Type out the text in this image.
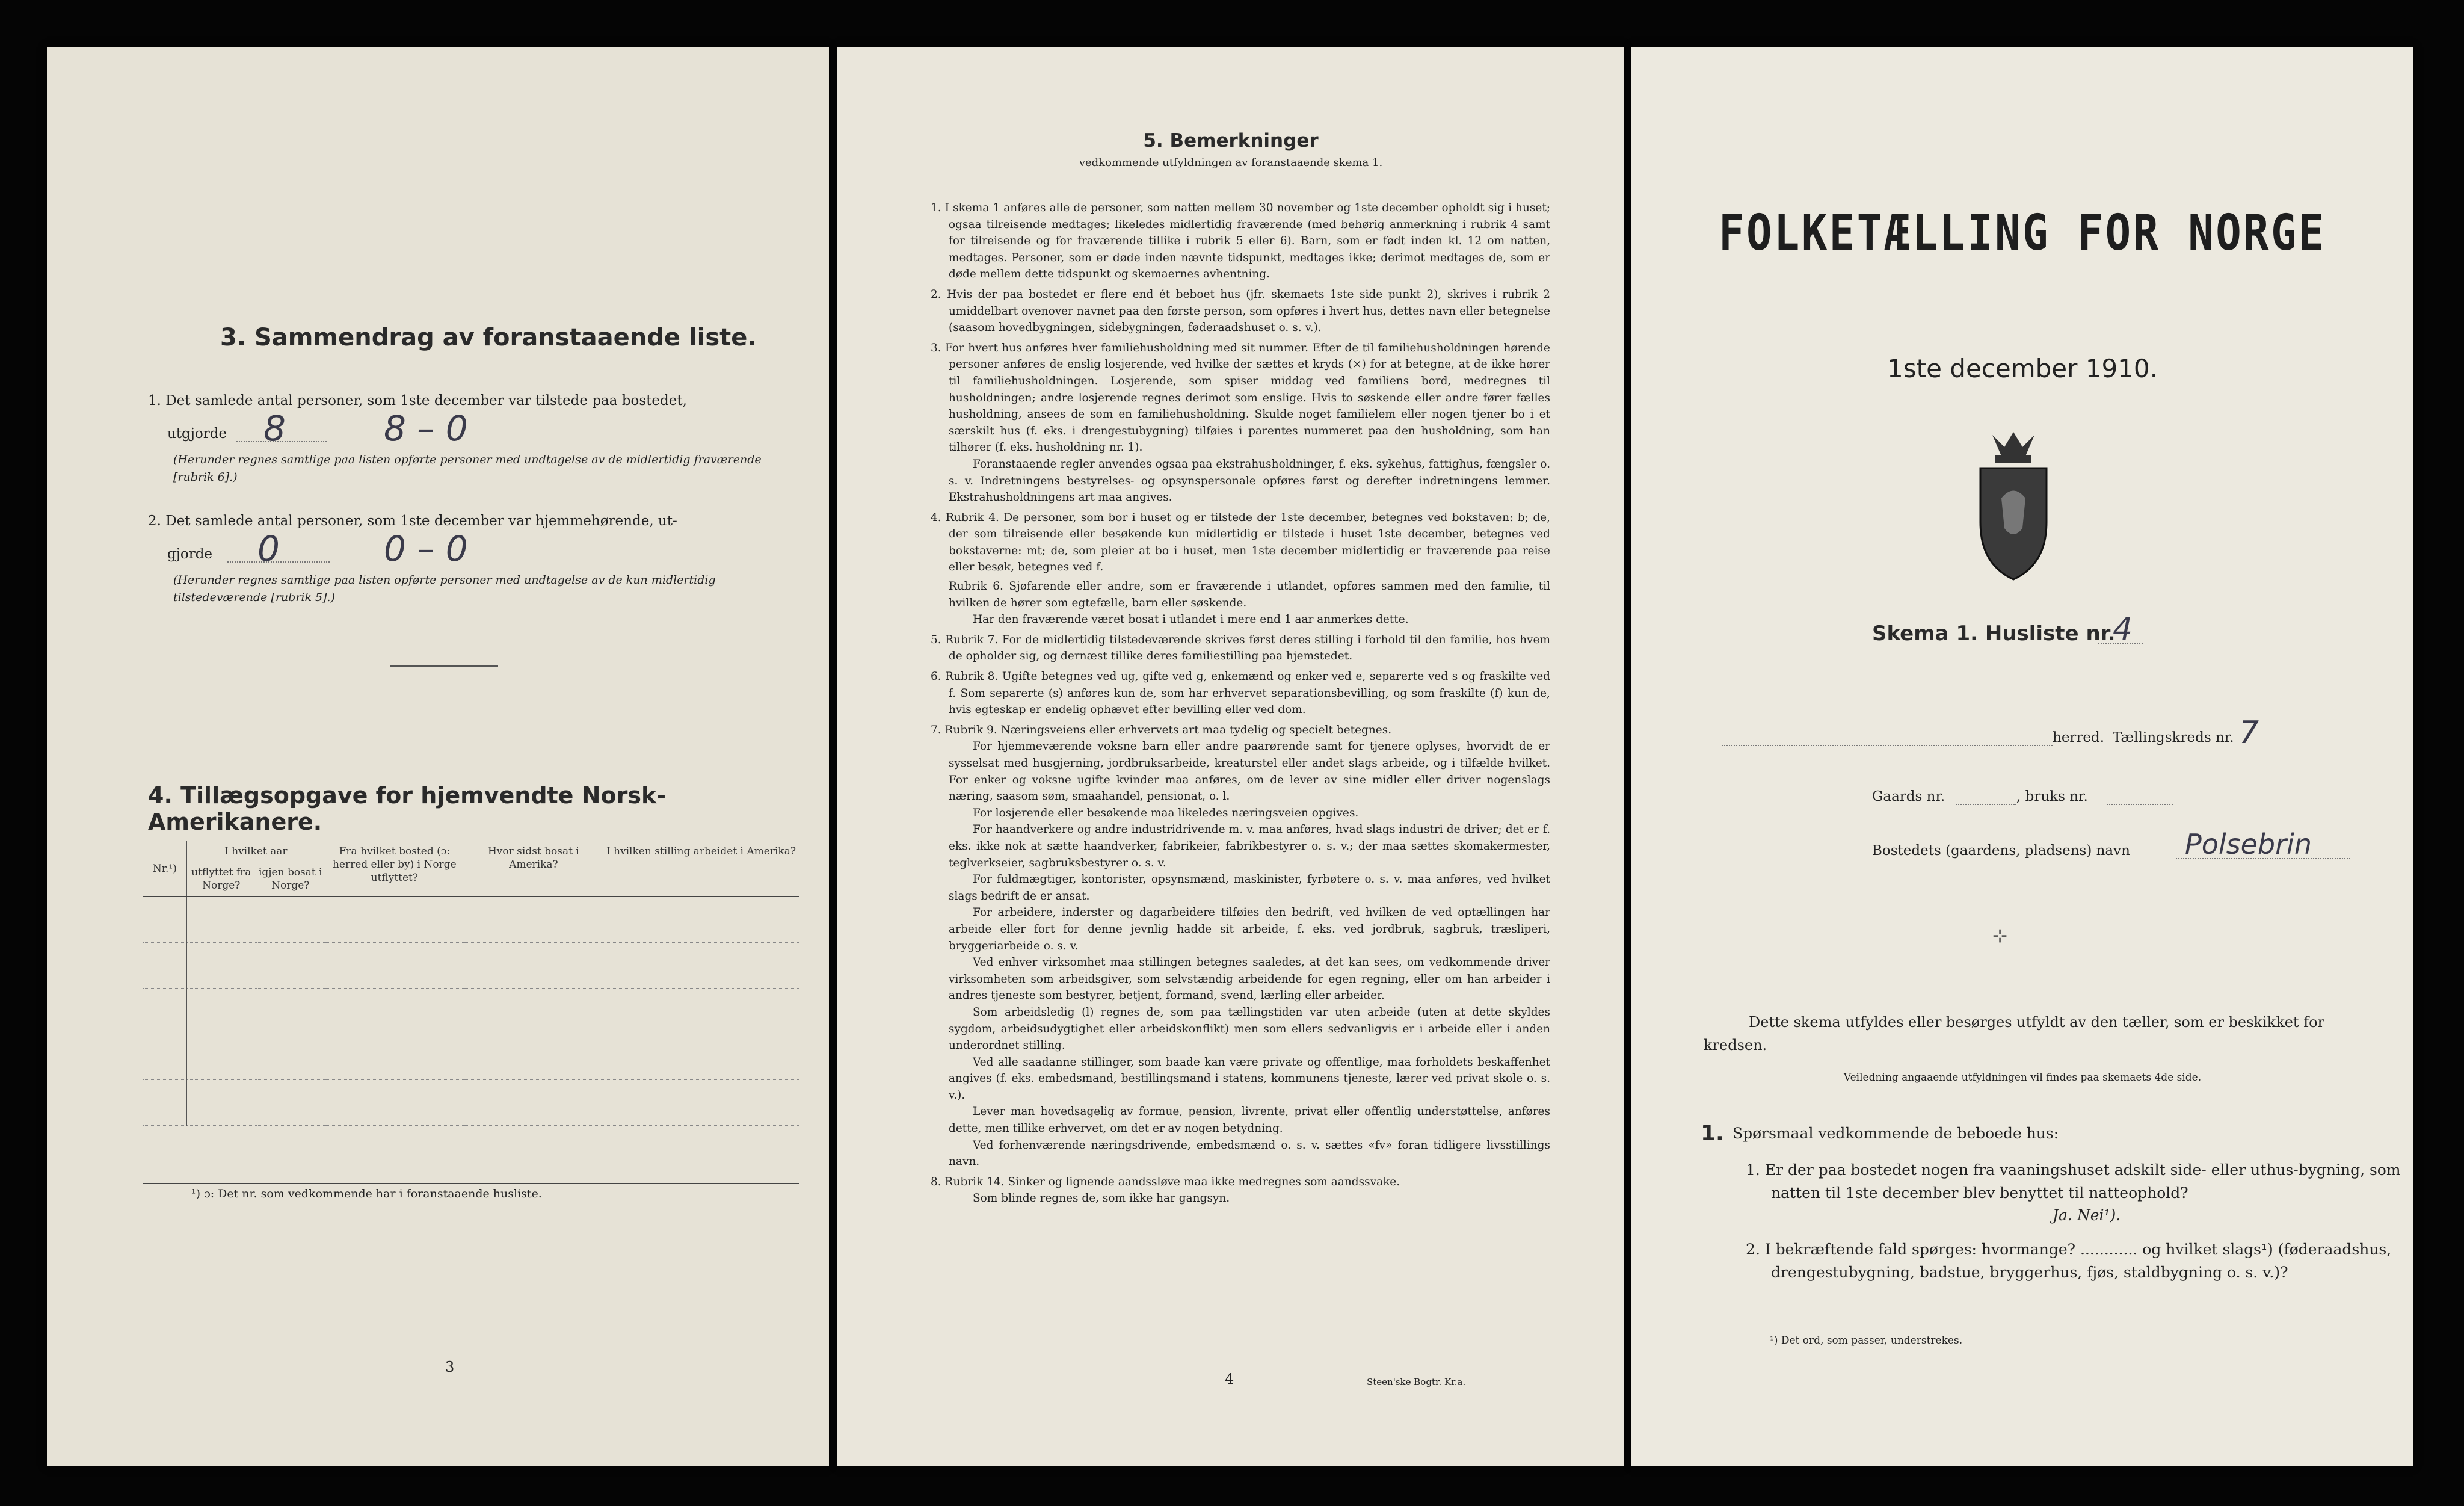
3. Sammendrag av foranstaaende liste.

1. Det samlede antal personer, som 1ste december var tilstede paa bostedet,

utgjorde 8	8 – 0

(Herunder regnes samtlige paa listen opførte personer med undtagelse av de midlertidig fraværende [rubrik 6].)

2. Det samlede antal personer, som 1ste december var hjemmehørende, ut-

gjorde 0	0 – 0

(Herunder regnes samtlige paa listen opførte personer med undtagelse av de kun midlertidig tilstedeværende [rubrik 5].)

4. Tillægsopgave for hjemvendte Norsk-Amerikanere.
Nr.¹)	I hvilket aar		Fra hvilket bosted (ɔ: herred eller by) i Norge utflyttet?	Hvor sidst bosat i Amerika?	I hvilken stilling arbeidet i Amerika?
	utflyttet fra Norge?	igjen bosat i Norge?			

¹) ɔ: Det nr. som vedkommende har i foranstaaende husliste.

3
5. Bemerkninger
vedkommende utfyldningen av foranstaaende skema 1.

1. I skema 1 anføres alle de personer, som natten mellem 30 november og 1ste december opholdt sig i huset; ogsaa tilreisende medtages; likeledes midlertidig fraværende (med behørig anmerkning i rubrik 4 samt for tilreisende og for fraværende tillike i rubrik 5 eller 6). Barn, som er født inden kl. 12 om natten, medtages. Personer, som er døde inden nævnte tidspunkt, medtages ikke; derimot medtages de, som er døde mellem dette tidspunkt og skemaernes avhentning.

2. Hvis der paa bostedet er flere end ét beboet hus (jfr. skemaets 1ste side punkt 2), skrives i rubrik 2 umiddelbart ovenover navnet paa den første person, som opføres i hvert hus, dettes navn eller betegnelse (saasom hovedbygningen, sidebygningen, føderaadshuset o. s. v.).

3. For hvert hus anføres hver familiehusholdning med sit nummer. Efter de til familiehusholdningen hørende personer anføres de enslig losjerende, ved hvilke der sættes et kryds (×) for at betegne, at de ikke hører til familiehusholdningen. Losjerende, som spiser middag ved familiens bord, medregnes til husholdningen; andre losjerende regnes derimot som enslige. Hvis to søskende eller andre fører fælles husholdning, ansees de som en familiehusholdning. Skulde noget familielem eller nogen tjener bo i et særskilt hus (f. eks. i drengestubygning) tilføies i parentes nummeret paa den husholdning, som han tilhører (f. eks. husholdning nr. 1).

Foranstaaende regler anvendes ogsaa paa ekstrahusholdninger, f. eks. sykehus, fattighus, fængsler o. s. v. Indretningens bestyrelses- og opsynspersonale opføres først og derefter indretningens lemmer. Ekstrahusholdningens art maa angives.

4. Rubrik 4. De personer, som bor i huset og er tilstede der 1ste december, betegnes ved bokstaven: b; de, der som tilreisende eller besøkende kun midlertidig er tilstede i huset 1ste december, betegnes ved bokstaverne: mt; de, som pleier at bo i huset, men 1ste december midlertidig er fraværende paa reise eller besøk, betegnes ved f.

Rubrik 6. Sjøfarende eller andre, som er fraværende i utlandet, opføres sammen med den familie, til hvilken de hører som egtefælle, barn eller søskende.

Har den fraværende været bosat i utlandet i mere end 1 aar anmerkes dette.

5. Rubrik 7. For de midlertidig tilstedeværende skrives først deres stilling i forhold til den familie, hos hvem de opholder sig, og dernæst tillike deres familiestilling paa hjemstedet.

6. Rubrik 8. Ugifte betegnes ved ug, gifte ved g, enkemænd og enker ved e, separerte ved s og fraskilte ved f. Som separerte (s) anføres kun de, som har erhvervet separationsbevilling, og som fraskilte (f) kun de, hvis egteskap er endelig ophævet efter bevilling eller ved dom.

7. Rubrik 9. Næringsveiens eller erhvervets art maa tydelig og specielt betegnes.

For hjemmeværende voksne barn eller andre paarørende samt for tjenere oplyses, hvorvidt de er sysselsat med husgjerning, jordbruksarbeide, kreaturstel eller andet slags arbeide, og i tilfælde hvilket. For enker og voksne ugifte kvinder maa anføres, om de lever av sine midler eller driver nogenslags næring, saasom søm, smaahandel, pensionat, o. l.

For losjerende eller besøkende maa likeledes næringsveien opgives.

For haandverkere og andre industridrivende m. v. maa anføres, hvad slags industri de driver; det er f. eks. ikke nok at sætte haandverker, fabrikeier, fabrikbestyrer o. s. v.; der maa sættes skomakermester, teglverkseier, sagbruksbestyrer o. s. v.

For fuldmægtiger, kontorister, opsynsmænd, maskinister, fyrbøtere o. s. v. maa anføres, ved hvilket slags bedrift de er ansat.

For arbeidere, inderster og dagarbeidere tilføies den bedrift, ved hvilken de ved optællingen har arbeide eller fort for denne jevnlig hadde sit arbeide, f. eks. ved jordbruk, sagbruk, træsliperi, bryggeriarbeide o. s. v.

Ved enhver virksomhet maa stillingen betegnes saaledes, at det kan sees, om vedkommende driver virksomheten som arbeidsgiver, som selvstændig arbeidende for egen regning, eller om han arbeider i andres tjeneste som bestyrer, betjent, formand, svend, lærling eller arbeider.

Som arbeidsledig (l) regnes de, som paa tællingstiden var uten arbeide (uten at dette skyldes sygdom, arbeidsudygtighet eller arbeidskonflikt) men som ellers sedvanligvis er i arbeide eller i anden underordnet stilling.

Ved alle saadanne stillinger, som baade kan være private og offentlige, maa forholdets beskaffenhet angives (f. eks. embedsmand, bestillingsmand i statens, kommunens tjeneste, lærer ved privat skole o. s. v.).

Lever man hovedsagelig av formue, pension, livrente, privat eller offentlig understøttelse, anføres dette, men tillike erhvervet, om det er av nogen betydning.

Ved forhenværende næringsdrivende, embedsmænd o. s. v. sættes «fv» foran tidligere livsstillings navn.

8. Rubrik 14. Sinker og lignende aandssløve maa ikke medregnes som aandssvake.

Som blinde regnes de, som ikke har gangsyn.

4	Steen'ske Bogtr. Kr.a.
FOLKETÆLLING FOR NORGE
1ste december 1910.
Skema 1. Husliste nr.
4
herred. Tællingskreds nr. 7
Gaards nr.	, bruks nr.
Bostedets (gaardens, pladsens) navn Polsebrin
⊹

Dette skema utfyldes eller besørges utfyldt av den tæller, som er beskikket for kredsen.

Veiledning angaaende utfyldningen vil findes paa skemaets 4de side.
1. Spørsmaal vedkommende de beboede hus:

1. Er der paa bostedet nogen fra vaaningshuset adskilt side- eller uthus-bygning, som natten til 1ste december blev benyttet til natteophold?

Ja. Nei¹).

2. I bekræftende fald spørges: hvormange? ............ og hvilket slags¹) (føderaadshus, drengestubygning, badstue, bryggerhus, fjøs, staldbygning o. s. v.)?

¹) Det ord, som passer, understrekes.
